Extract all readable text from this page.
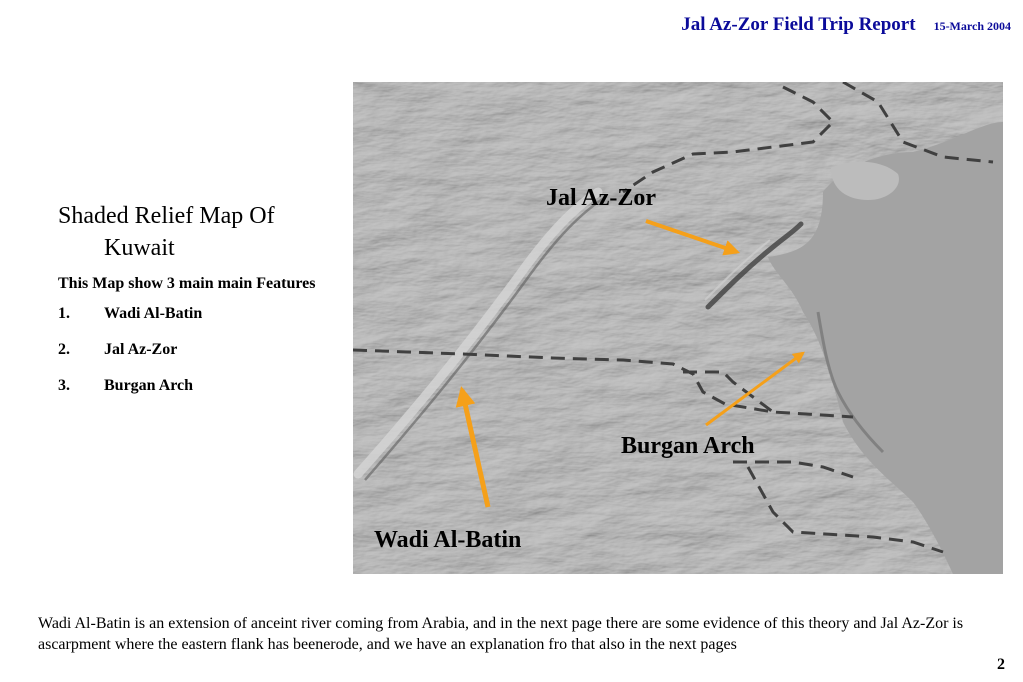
Jal Az-Zor Field Trip Report 15-March 2004
Shaded Relief Map Of Kuwait

This Map show 3 main main Features

1.	Wadi Al-Batin
2.	Jal Az-Zor
3.	Burgan Arch
Jal Az-Zor
Burgan Arch
Wadi Al-Batin

Wadi Al-Batin is an extension of anceint river coming from Arabia, and in the next page there are some evidence of this theory and Jal Az-Zor is ascarpment where the eastern flank has beenerode, and we have an explanation fro that also in the next pages

2
